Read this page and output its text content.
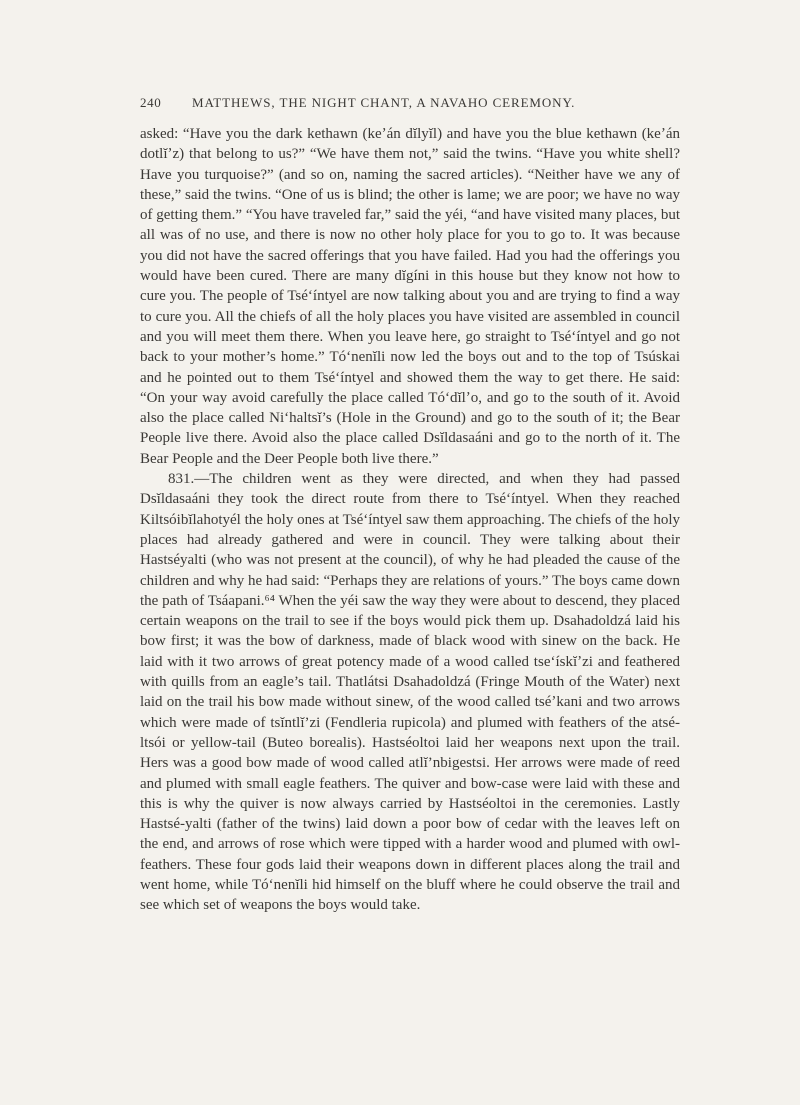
240	MATTHEWS, THE NIGHT CHANT, A NAVAHO CEREMONY.

asked: “Have you the dark kethawn (keʼán dĭlyĭl) and have you the blue kethawn (keʼán dotlĭʼz) that belong to us?” “We have them not,” said the twins. “Have you white shell? Have you turquoise?” (and so on, naming the sacred articles). “Neither have we any of these,” said the twins. “One of us is blind; the other is lame; we are poor; we have no way of getting them.” “You have traveled far,” said the yéi, “and have visited many places, but all was of no use, and there is now no other holy place for you to go to. It was because you did not have the sacred offerings that you have failed. Had you had the offerings you would have been cured. There are many dĭgíni in this house but they know not how to cure you. The people of Tséʻíntyel are now talking about you and are trying to find a way to cure you. All the chiefs of all the holy places you have visited are assembled in council and you will meet them there. When you leave here, go straight to Tséʻíntyel and go not back to your mother’s home.” Tóʻnenĭli now led the boys out and to the top of Tsúskai and he pointed out to them Tséʻíntyel and showed them the way to get there. He said: “On your way avoid carefully the place called Tóʻdĭlʼo, and go to the south of it. Avoid also the place called Niʻhaltsĭ’s (Hole in the Ground) and go to the south of it; the Bear People live there. Avoid also the place called Dsĭldasaáni and go to the north of it. The Bear People and the Deer People both live there.”

831.—The children went as they were directed, and when they had passed Dsĭldasaáni they took the direct route from there to Tséʻíntyel. When they reached Kiltsóibĭlahotyél the holy ones at Tséʻíntyel saw them approaching. The chiefs of the holy places had already gathered and were in council. They were talking about their Hastséyalti (who was not present at the council), of why he had pleaded the cause of the children and why he had said: “Perhaps they are relations of yours.” The boys came down the path of Tsáapani.⁶⁴ When the yéi saw the way they were about to descend, they placed certain weapons on the trail to see if the boys would pick them up. Dsahadoldzá laid his bow first; it was the bow of darkness, made of black wood with sinew on the back. He laid with it two arrows of great potency made of a wood called tseʻískĭʼzi and feathered with quills from an eagle’s tail. Thatlátsi Dsahadoldzá (Fringe Mouth of the Water) next laid on the trail his bow made without sinew, of the wood called tséʼkani and two arrows which were made of tsĭntlĭ’zi (Fendleria rupicola) and plumed with feathers of the atsé-ltsói or yellow-tail (Buteo borealis). Hastséoltoi laid her weapons next upon the trail. Hers was a good bow made of wood called atlĭ’nbigestsi. Her arrows were made of reed and plumed with small eagle feathers. The quiver and bow-case were laid with these and this is why the quiver is now always carried by Hastséoltoi in the ceremonies. Lastly Hastsé-yalti (father of the twins) laid down a poor bow of cedar with the leaves left on the end, and arrows of rose which were tipped with a harder wood and plumed with owl-feathers. These four gods laid their weapons down in different places along the trail and went home, while Tóʻnenĭli hid himself on the bluff where he could observe the trail and see which set of weapons the boys would take.
